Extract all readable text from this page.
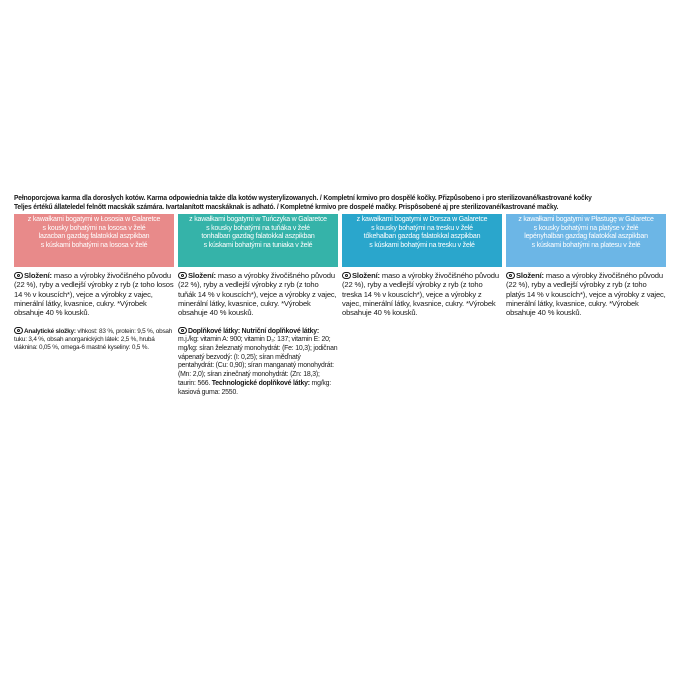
Pełnoporcjowa karma dla dorosłych kotów. Karma odpowiednia także dla kotów wysterylizowanych. / Kompletní krmivo pro dospělé kočky. Přizpůsobeno i pro sterilizované/kastrované kočky
Teljes értékű állateledel felnőtt macskák számára. Ivartalanított macskáknak is adható. / Kompletné krmivo pre dospelé mačky. Prispôsobené aj pre sterilizované/kastrované mačky.
z kawałkami bogatymi w Łososia w Galaretce
s kousky bohatými na lososa v želé
lazacban gazdag falatokkal aszpikban
s kúskami bohatými na lososa v želé
z kawałkami bogatymi w Tuńczyka w Galaretce
s kousky bohatými na tuňáka v želé
tonhalban gazdag falatokkal aszpikban
s kúskami bohatými na tuniaka v želé
z kawałkami bogatymi w Dorsza w Galaretce
s kousky bohatými na tresku v želé
tőkehalban gazdag falatokkal aszpikban
s kúskami bohatými na tresku v želé
z kawałkami bogatymi w Płastugę w Galaretce
s kousky bohatými na platýse v želé
lepényhalban gazdag falatokkal aszpikban
s kúskami bohatými na platesu v želé
Složení: maso a výrobky živočišného původu (22 %), ryby a vedlejší výrobky z ryb (z toho losos 14 % v kouscích*), vejce a výrobky z vajec, minerální látky, kvasnice, cukry. *Výrobek obsahuje 40 % kousků.
Analytické složky: vlhkost: 83 %, protein: 9,5 %, obsah tuku: 3,4 %, obsah anorganických látek: 2,5 %, hrubá vláknina: 0,05 %, omega-6 mastné kyseliny: 0,5 %.
Složení: maso a výrobky živočišného původu (22 %), ryby a vedlejší výrobky z ryb (z toho tuňák 14 % v kouscích*), vejce a výrobky z vajec, minerální látky, kvasnice, cukry. *Výrobek obsahuje 40 % kousků.
Doplňkové látky: Nutriční doplňkové látky: m.j./kg: vitamin A: 900; vitamin D₃: 137; vitamin E: 20; mg/kg: síran železnatý monohydrát: (Fe: 10,3); jodičnan vápenatý bezvodý: (I: 0,25); síran měďnatý pentahydrát: (Cu: 0,90); síran manganatý monohydrát: (Mn: 2,0); síran zinečnatý monohydrát: (Zn: 18,3); taurin: 566. Technologické doplňkové látky: mg/kg: kasiová guma: 2550.
Složení: maso a výrobky živočišného původu (22 %), ryby a vedlejší výrobky z ryb (z toho treska 14 % v kouscích*), vejce a výrobky z vajec, minerální látky, kvasnice, cukry. *Výrobek obsahuje 40 % kousků.
Složení: maso a výrobky živočišného původu (22 %), ryby a vedlejší výrobky z ryb (z toho platýs 14 % v kouscích*), vejce a výrobky z vajec, minerální látky, kvasnice, cukry. *Výrobek obsahuje 40 % kousků.
